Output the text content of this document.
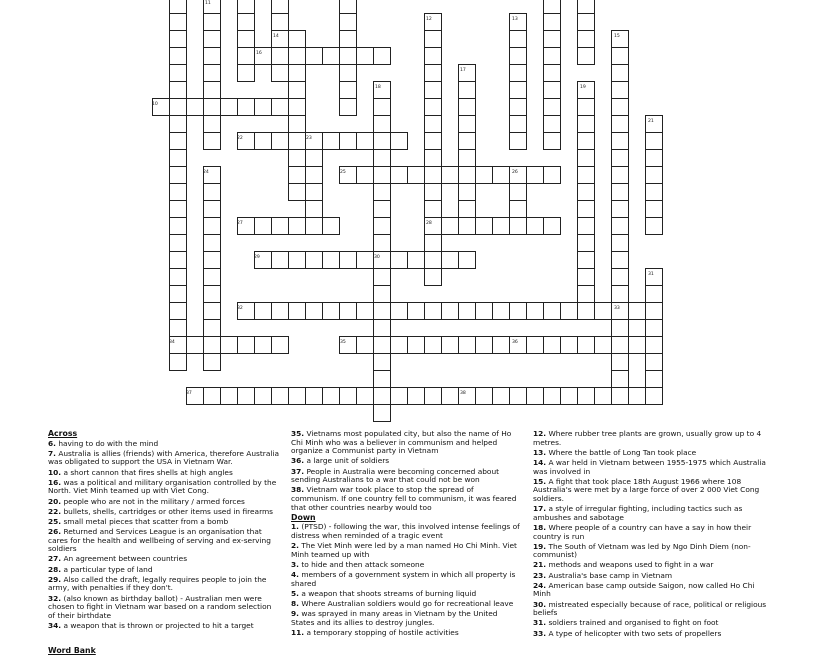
11
12	13
14	15
16
17
18	19
10
21
22	23
24	25	26
27	28
29	30
31
32	33
34	35	36
37	38
Across
6. having to do with the mind
7. Australia is allies (friends) with America, therefore Australia was obligated to support the USA in Vietnam War.
10. a short cannon that fires shells at high angles
16. was a political and military organisation controlled by the North. Viet Minh teamed up with Viet Cong.
20. people who are not in the military / armed forces
22. bullets, shells, cartridges or other items used in firearms
25. small metal pieces that scatter from a bomb
26. Returned and Services League is an organisation that cares for the health and wellbeing of serving and ex-serving soldiers
27. An agreement between countries
28. a particular type of land
29. Also called the draft, legally requires people to join the army, with penalties if they don't.
32. (also known as birthday ballot) - Australian men were chosen to fight in Vietnam war based on a random selection of their birthdate
34. a weapon that is thrown or projected to hit a target
35. Vietnams most populated city, but also the name of Ho Chi Minh who was a believer in communism and helped organize a Communist party in Vietnam
36. a large unit of soldiers
37. People in Australia were becoming concerned about sending Australians to a war that could not be won
38. Vietnam war took place to stop the spread of communism. If one country fell to communism, it was feared that other countries nearby would too
Down
1. (PTSD) - following the war, this involved intense feelings of distress when reminded of a tragic event
2. The Viet Minh were led by a man named Ho Chi Minh. Viet Minh teamed up with
3. to hide and then attack someone
4. members of a government system in which all property is shared
5. a weapon that shoots streams of burning liquid
8. Where Australian soldiers would go for recreational leave
9. was sprayed in many areas in Vietnam by the United States and its allies to destroy jungles.
11. a temporary stopping of hostile activities
12. Where rubber tree plants are grown, usually grow up to 4 metres.
13. Where the battle of Long Tan took place
14. A war held in Vietnam between 1955-1975 which Australia was involved in
15. A fight that took place 18th August 1966 where 108 Australia's were met by a large force of over 2 000 Viet Cong soldiers.
17. a style of irregular fighting, including tactics such as ambushes and sabotage
18. Where people of a country can have a say in how their country is run
19. The South of Vietnam was led by Ngo Dinh Diem (non-communist)
21. methods and weapons used to fight in a war
23. Australia's base camp in Vietnam
24. American base camp outside Saigon, now called Ho Chi Minh
30. mistreated especially because of race, political or religious beliefs
31. soldiers trained and organised to fight on foot
33. A type of helicopter with two sets of propellers
Word Bank
